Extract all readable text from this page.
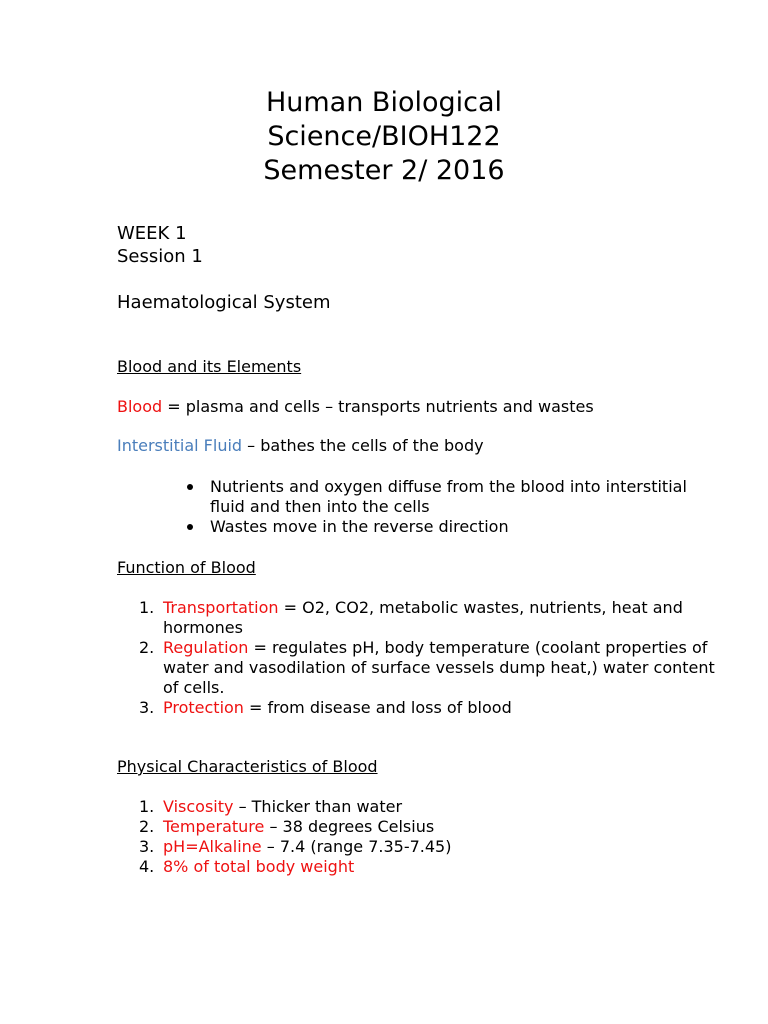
Human Biological
Science/BIOH122
Semester 2/ 2016
WEEK 1
Session 1
Haematological System

Blood and its Elements

Blood = plasma and cells – transports nutrients and wastes

Interstitial Fluid – bathes the cells of the body

Nutrients and oxygen diffuse from the blood into interstitial fluid and then into the cells
Wastes move in the reverse direction

Function of Blood

1. Transportation = O2, CO2, metabolic wastes, nutrients, heat and hormones
2. Regulation = regulates pH, body temperature (coolant properties of water and vasodilation of surface vessels dump heat,) water content of cells.
3. Protection = from disease and loss of blood

Physical Characteristics of Blood

1. Viscosity – Thicker than water
2. Temperature – 38 degrees Celsius
3. pH=Alkaline – 7.4 (range 7.35-7.45)
4. 8% of total body weight
